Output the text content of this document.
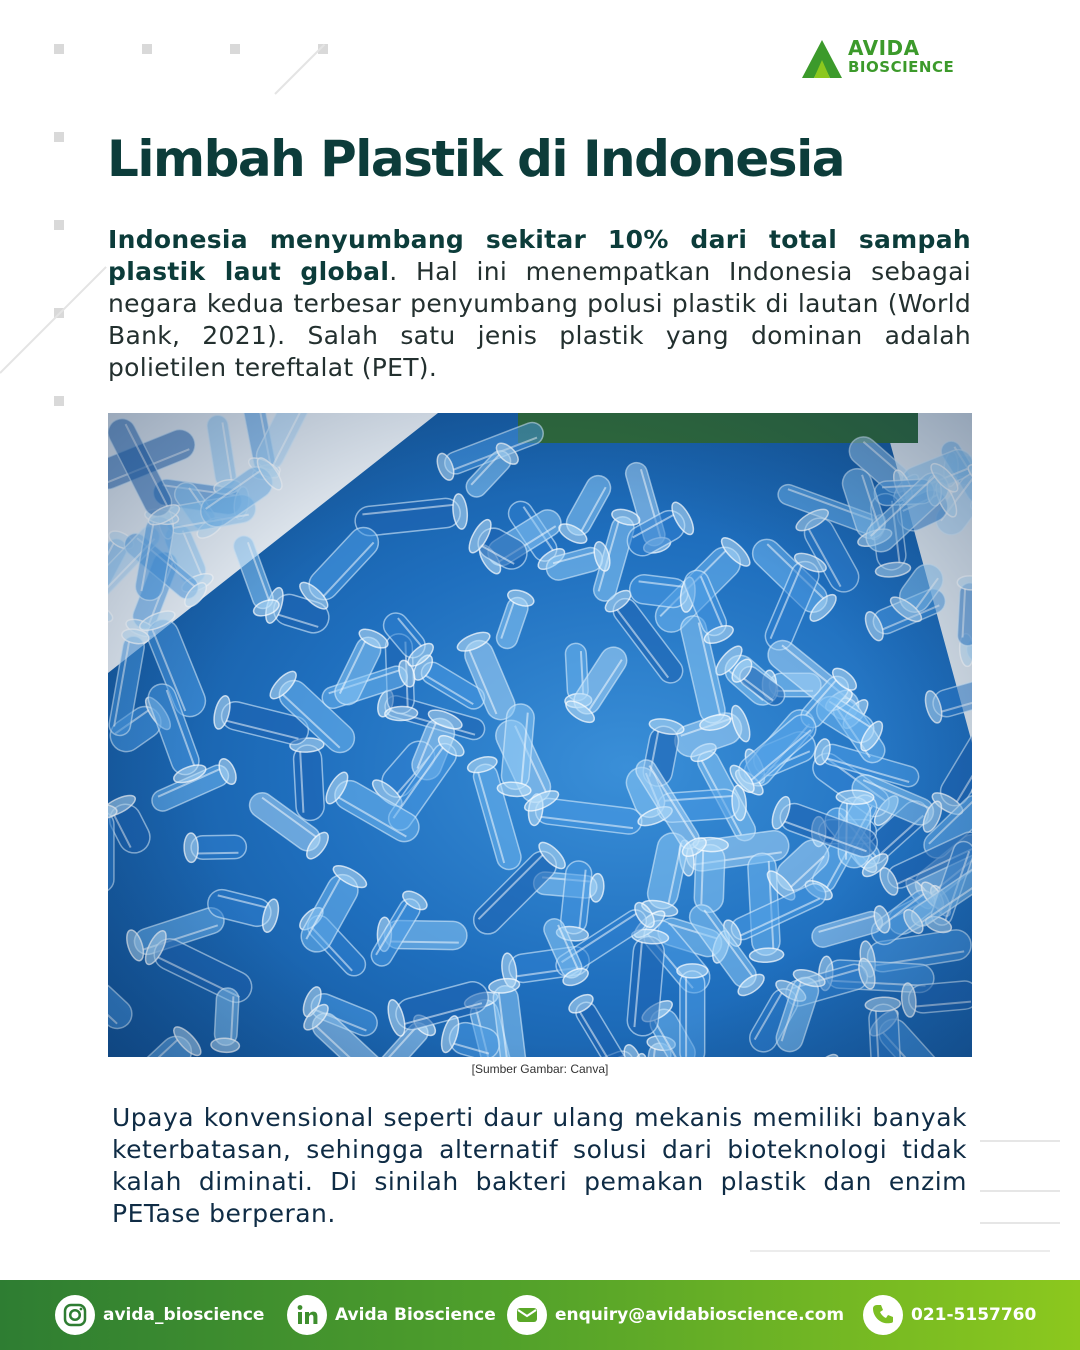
AVIDA
BIOSCIENCE
Limbah Plastik di Indonesia

Indonesia menyumbang sekitar 10% dari total sampah plastik laut global. Hal ini menempatkan Indonesia sebagai negara kedua terbesar penyumbang polusi plastik di lautan (World Bank, 2021). Salah satu jenis plastik yang dominan adalah polietilen tereftalat (PET).

[Sumber Gambar: Canva]

Upaya konvensional seperti daur ulang mekanis memiliki banyak keterbatasan, sehingga alternatif solusi dari bioteknologi tidak kalah diminati. Di sinilah bakteri pemakan plastik dan enzim PETase berperan.

avida_bioscience	Avida Bioscience	enquiry@avidabioscience.com	021-5157760
